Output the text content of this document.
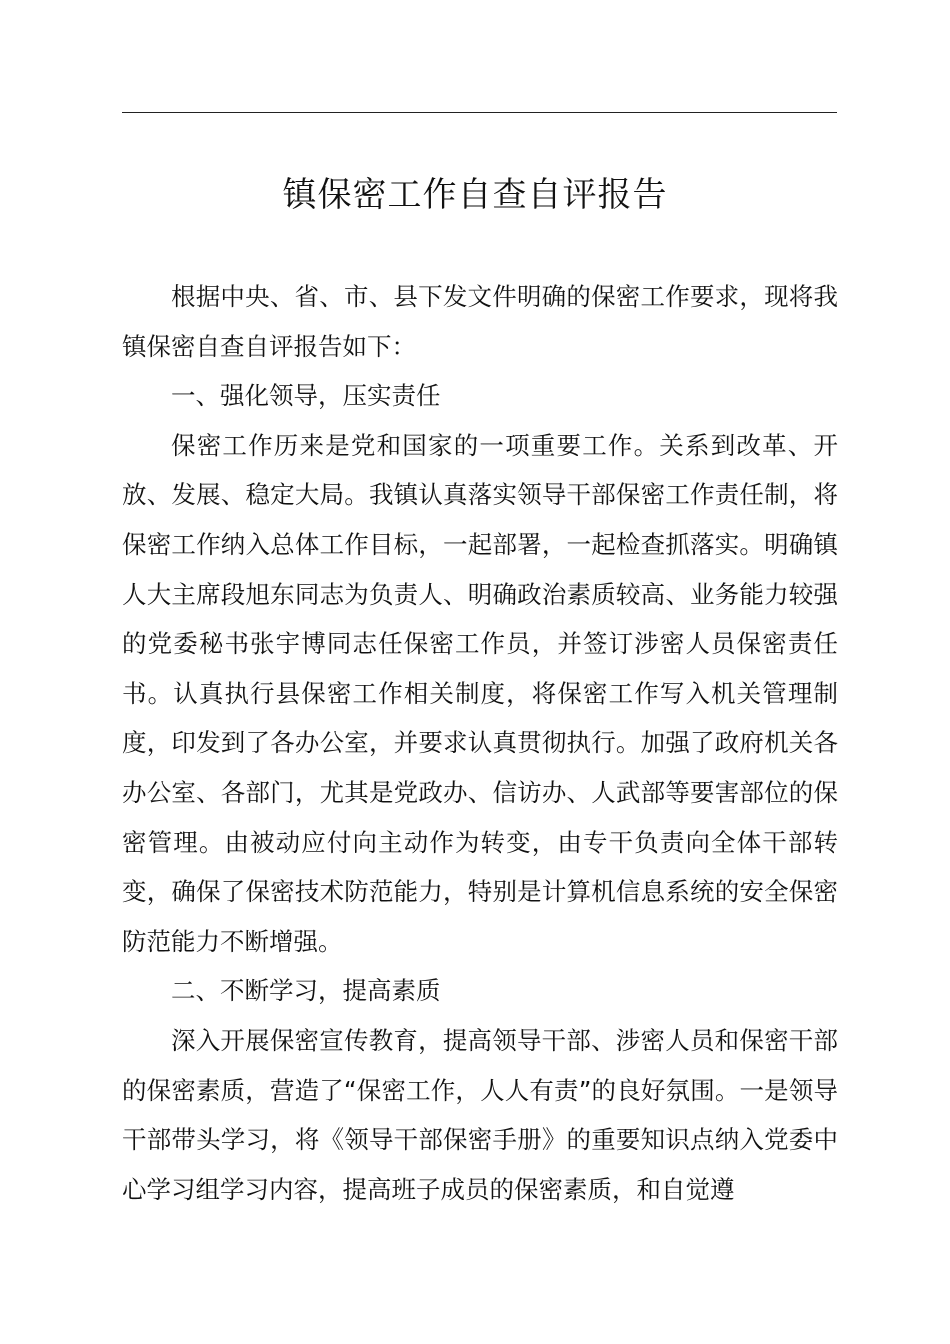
镇保密工作自查自评报告

根据中央、省、市、县下发文件明确的保密工作要求，现将我镇保密自查自评报告如下：

一、强化领导，压实责任

保密工作历来是党和国家的一项重要工作。关系到改革、开放、发展、稳定大局。我镇认真落实领导干部保密工作责任制，将保密工作纳入总体工作目标，一起部署，一起检查抓落实。明确镇人大主席段旭东同志为负责人、明确政治素质较高、业务能力较强的党委秘书张宇博同志任保密工作员，并签订涉密人员保密责任书。认真执行县保密工作相关制度，将保密工作写入机关管理制度，印发到了各办公室，并要求认真贯彻执行。加强了政府机关各办公室、各部门，尤其是党政办、信访办、人武部等要害部位的保密管理。由被动应付向主动作为转变，由专干负责向全体干部转变，确保了保密技术防范能力，特别是计算机信息系统的安全保密防范能力不断增强。

二、不断学习，提高素质

深入开展保密宣传教育，提高领导干部、涉密人员和保密干部的保密素质，营造了“保密工作，人人有责”的良好氛围。一是领导干部带头学习，将《领导干部保密手册》的重要知识点纳入党委中心学习组学习内容，提高班子成员的保密素质，和自觉遵
